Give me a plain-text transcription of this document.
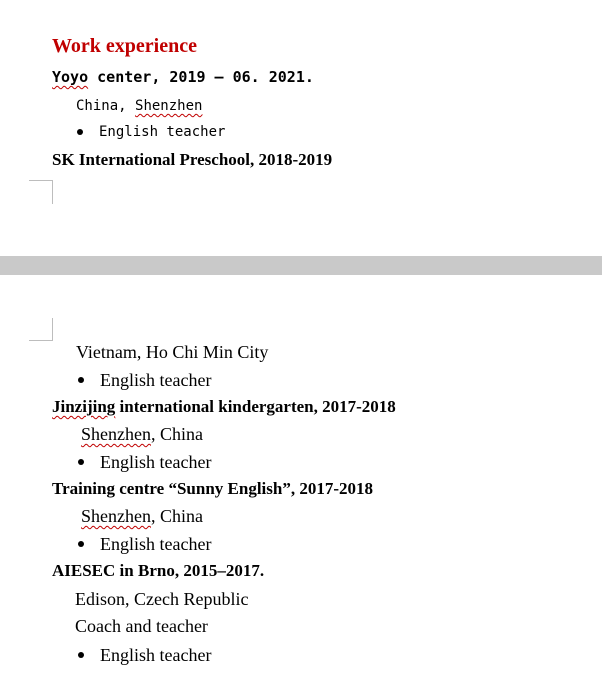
Work experience
Yoyo center, 2019 – 06. 2021.
China, Shenzhen
English teacher
SK International Preschool, 2018-2019
Vietnam, Ho Chi Min City
English teacher
Jinzijing international kindergarten, 2017-2018
Shenzhen, China
English teacher
Training centre “Sunny English”, 2017-2018
Shenzhen, China
English teacher
AIESEC in Brno, 2015–2017.
Edison, Czech Republic
Coach and teacher
English teacher
